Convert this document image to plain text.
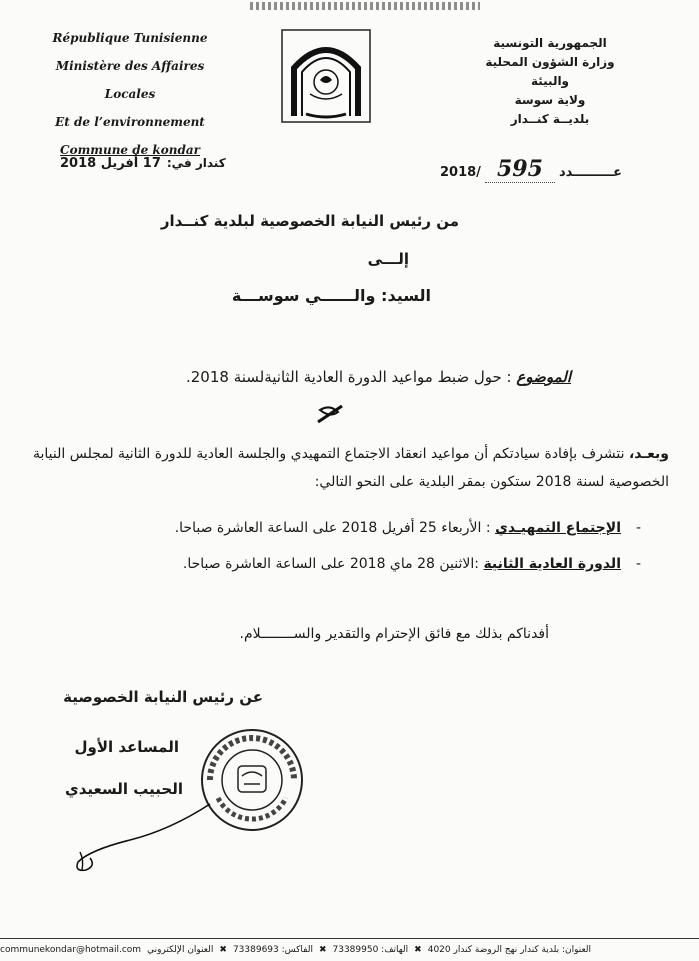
République Tunisienne
Ministère des Affaires Locales
Et de l’environnement
Commune de kondar
الجمهورية التونسية
وزارة الشؤون المحلية والبيئة
ولاية سوسة
بلديــة كنــدار
كندار في:
17 أفريل 2018
2018/ 595	عـــــــــدد
من رئيس النيابة الخصوصية لبلدية كنــدار
إلـــى
السيد: والــــــي سوســـة
الموضوع : حول ضبط مواعيد الدورة العادية الثانيةلسنة 2018.
وبعـد، نتشرف بإفادة سيادتكم أن مواعيد انعقاد الاجتماع التمهيدي والجلسة العادية للدورة الثانية لمجلس النيابة الخصوصية لسنة 2018 ستكون بمقر البلدية على النحو التالي:
-
الإجتماع التمهيـدي : الأربعاء 25 أفريل 2018 على الساعة العاشرة صباحا.
-
الدورة العادية الثانية :الاثنين 28 ماي 2018 على الساعة العاشرة صباحا.
أفدناكم بذلك مع فائق الإحترام والتقدير والســــــــلام.
عن رئيس النيابة الخصوصية
المساعد الأول
الحبيب السعيدي
communekondar@hotmail.com العنوان الإلكتروني ✖ الفاكس: 73389693 ✖ الهاتف: 73389950 ✖ العنوان: بلدية كندار نهج الروضة كندار 4020
